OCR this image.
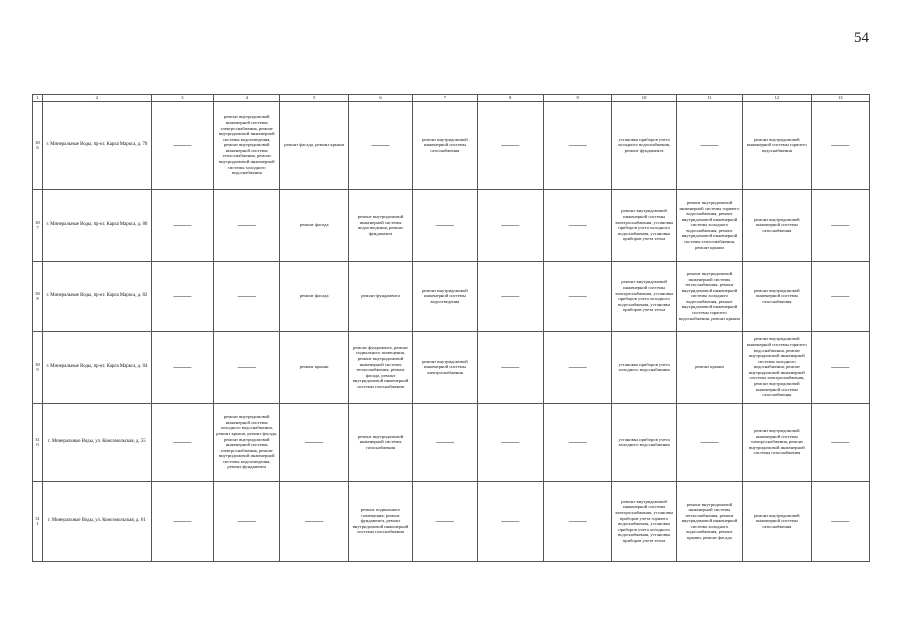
54
1	2	3	4	5	6	7	8	9	10	11	12	13
306	г. Минеральные Воды, пр-кт. Карла Маркса, д. 78	——	ремонт внутридомовой инженерной системы электроснабжения, ремонт внутридомовой инженерной системы водоотведения, ремонт внутридомовой инженерной системы теплоснабжения, ремонт внутридомовой инженерной системы холодного водоснабжения	ремонт фасада, ремонт крыши	——	ремонт внутридомовой инженерной системы газоснабжения	——	——	установка приборов учета холодного водоснабжения, ремонт фундамента	——	ремонт внутридомовой инженерной системы горячего водоснабжения	——
307	г. Минеральные Воды, пр-кт. Карла Маркса, д. 80	——	——	ремонт фасада	ремонт внутридомовой инженерной системы водоотведения, ремонт фундамента	——	——	——	ремонт внутридомовой инженерной системы электроснабжения, установка приборов учета холодного водоснабжения, установка приборов учета тепла	ремонт внутридомовой инженерной системы горячего водоснабжения, ремонт внутридомовой инженерной системы холодного водоснабжения, ремонт внутридомовой инженерной системы теплоснабжения, ремонт крыши	ремонт внутридомовой инженерной системы газоснабжения	——
308	г. Минеральные Воды, пр-кт. Карла Маркса, д. 82	——	——	ремонт фасада	ремонт фундамента	ремонт внутридомовой инженерной системы водоотведения	——	——	ремонт внутридомовой инженерной системы электроснабжения, установка приборов учета холодного водоснабжения, установка приборов учета тепла	ремонт внутридомовой инженерной системы теплоснабжения, ремонт внутридомовой инженерной системы холодного водоснабжения, ремонт внутридомовой инженерной системы горячего водоснабжения, ремонт крыши	ремонт внутридомовой инженерной системы газоснабжения	——
309	г. Минеральные Воды, пр-кт. Карла Маркса, д. 84	——	——	ремонт крыши	ремонт фундамента, ремонт подвального помещения, ремонт внутридомовой инженерной системы теплоснабжения, ремонт фасада, ремонт внутридомовой инженерной системы газоснабжения	ремонт внутридомовой инженерной системы электроснабжения	——	——	установка приборов учета холодного водоснабжения	ремонт крыши	ремонт внутридомовой инженерной системы горячего водоснабжения, ремонт внутридомовой инженерной системы холодного водоснабжения, ремонт внутридомовой инженерной системы электроснабжения, ремонт внутридомовой инженерной системы газоснабжения	——
310	г. Минеральные Воды, ул. Комсомольская, д. 55	——	ремонт внутридомовой инженерной системы холодного водоснабжения, ремонт крыши, ремонт фасада, ремонт внутридомовой инженерной системы электроснабжения, ремонт внутридомовой инженерной системы водоотведения, ремонт фундамента	——	ремонт внутридомовой инженерной системы газоснабжения	——	——	——	установка приборов учета холодного водоснабжения	——	ремонт внутридомовой инженерной системы электроснабжения, ремонт внутридомовой инженерной системы газоснабжения	——
311	г. Минеральные Воды, ул. Комсомольская, д. 61	——	——	——	ремонт подвального помещения, ремонт фундамента, ремонт внутридомовой инженерной системы газоснабжения	——	——	——	ремонт внутридомовой инженерной системы электроснабжения, установка приборов учета горячего водоснабжения, установка приборов учета холодного водоснабжения, установка приборов учета тепла	ремонт внутридомовой инженерной системы теплоснабжения, ремонт внутридомовой инженерной системы холодного водоснабжения, ремонт крыши, ремонт фасада	ремонт внутридомовой инженерной системы газоснабжения	——
